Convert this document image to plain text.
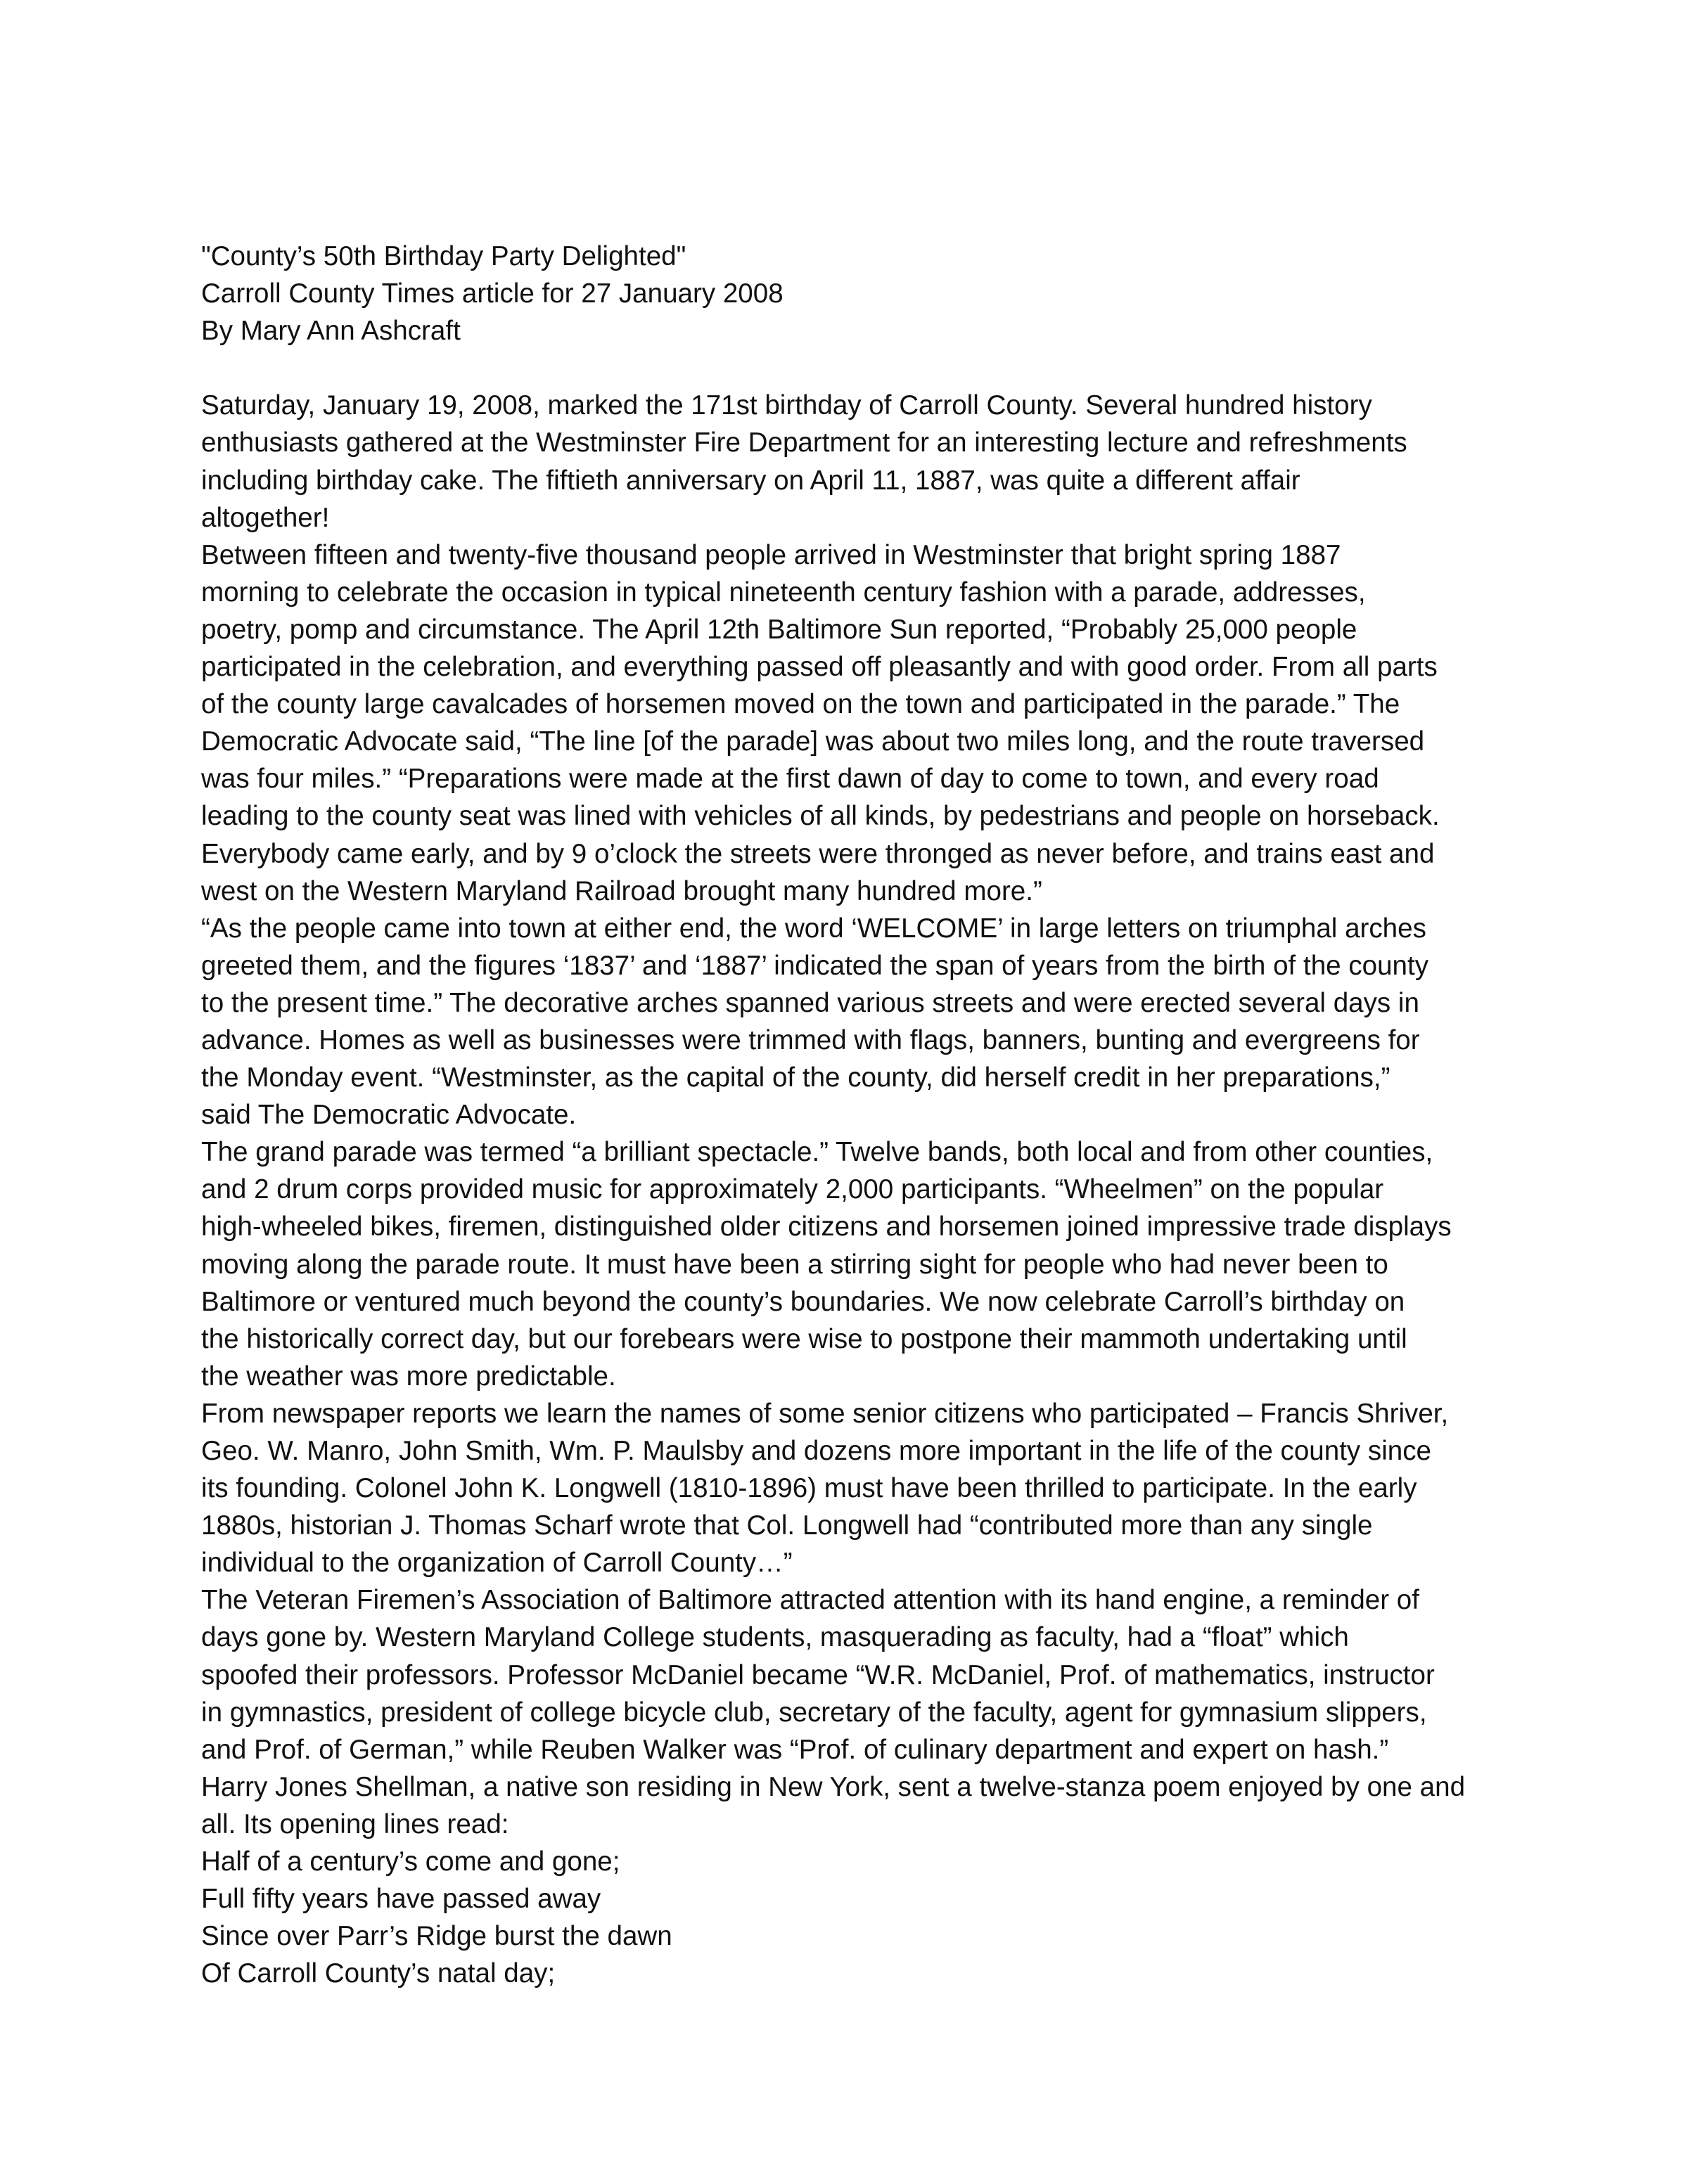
"County’s 50th Birthday Party Delighted"

Carroll County Times article for 27 January 2008

By Mary Ann Ashcraft

Saturday, January 19, 2008, marked the 171st birthday of Carroll County. Several hundred history
enthusiasts gathered at the Westminster Fire Department for an interesting lecture and refreshments
including birthday cake. The fiftieth anniversary on April 11, 1887, was quite a different affair
altogether!

Between fifteen and twenty-five thousand people arrived in Westminster that bright spring 1887
morning to celebrate the occasion in typical nineteenth century fashion with a parade, addresses,
poetry, pomp and circumstance. The April 12th Baltimore Sun reported, “Probably 25,000 people
participated in the celebration, and everything passed off pleasantly and with good order. From all parts
of the county large cavalcades of horsemen moved on the town and participated in the parade.” The
Democratic Advocate said, “The line [of the parade] was about two miles long, and the route traversed
was four miles.” “Preparations were made at the first dawn of day to come to town, and every road
leading to the county seat was lined with vehicles of all kinds, by pedestrians and people on horseback.
Everybody came early, and by 9 o’clock the streets were thronged as never before, and trains east and
west on the Western Maryland Railroad brought many hundred more.”

“As the people came into town at either end, the word ‘WELCOME’ in large letters on triumphal arches
greeted them, and the figures ‘1837’ and ‘1887’ indicated the span of years from the birth of the county
to the present time.” The decorative arches spanned various streets and were erected several days in
advance. Homes as well as businesses were trimmed with flags, banners, bunting and evergreens for
the Monday event. “Westminster, as the capital of the county, did herself credit in her preparations,”
said The Democratic Advocate.

The grand parade was termed “a brilliant spectacle.” Twelve bands, both local and from other counties,
and 2 drum corps provided music for approximately 2,000 participants. “Wheelmen” on the popular
high-wheeled bikes, firemen, distinguished older citizens and horsemen joined impressive trade displays
moving along the parade route. It must have been a stirring sight for people who had never been to
Baltimore or ventured much beyond the county’s boundaries. We now celebrate Carroll’s birthday on
the historically correct day, but our forebears were wise to postpone their mammoth undertaking until
the weather was more predictable.

From newspaper reports we learn the names of some senior citizens who participated – Francis Shriver,
Geo. W. Manro, John Smith, Wm. P. Maulsby and dozens more important in the life of the county since
its founding. Colonel John K. Longwell (1810-1896) must have been thrilled to participate. In the early
1880s, historian J. Thomas Scharf wrote that Col. Longwell had “contributed more than any single
individual to the organization of Carroll County…”

The Veteran Firemen’s Association of Baltimore attracted attention with its hand engine, a reminder of
days gone by. Western Maryland College students, masquerading as faculty, had a “float” which
spoofed their professors. Professor McDaniel became “W.R. McDaniel, Prof. of mathematics, instructor
in gymnastics, president of college bicycle club, secretary of the faculty, agent for gymnasium slippers,
and Prof. of German,” while Reuben Walker was “Prof. of culinary department and expert on hash.”

Harry Jones Shellman, a native son residing in New York, sent a twelve-stanza poem enjoyed by one and
all. Its opening lines read:

Half of a century’s come and gone;

Full fifty years have passed away

Since over Parr’s Ridge burst the dawn

Of Carroll County’s natal day;
